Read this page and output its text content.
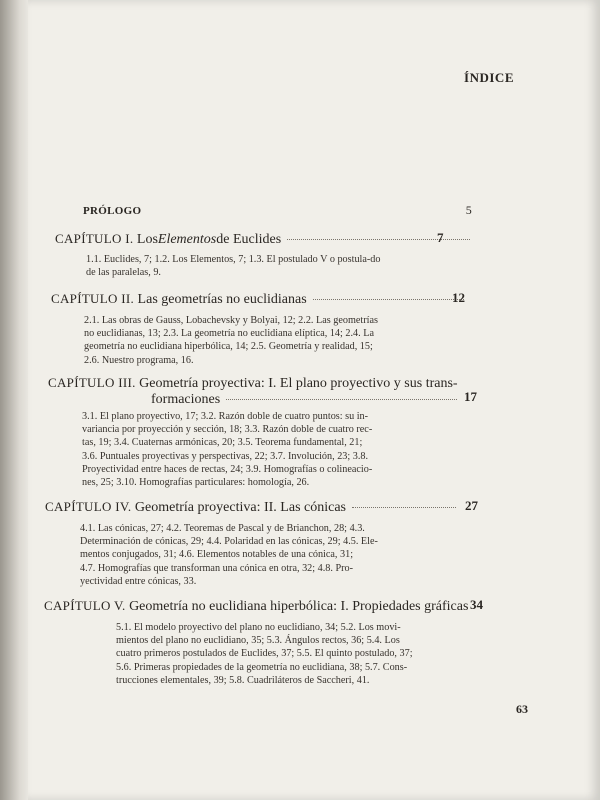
ÍNDICE
PRÓLOGO	5
CAPÍTULO I.
Los Elementos de Euclides	7
1.1. Euclides, 7; 1.2. Los Elementos, 7; 1.3. El postulado V o postula-do
de las paralelas, 9.
CAPÍTULO II.
Las geometrías no euclidianas	12
2.1. Las obras de Gauss, Lobachevsky y Bolyai, 12; 2.2. Las geometrías
no euclidianas, 13; 2.3. La geometría no euclidiana elíptica, 14; 2.4. La
geometría no euclidiana hiperbólica, 14; 2.5. Geometría y realidad, 15;
2.6. Nuestro programa, 16.
CAPÍTULO III.
Geometría proyectiva: I. El plano proyectivo y sus trans-
formaciones	17
3.1. El plano proyectivo, 17; 3.2. Razón doble de cuatro puntos: su in-
variancia por proyección y sección, 18; 3.3. Razón doble de cuatro rec-
tas, 19; 3.4. Cuaternas armónicas, 20; 3.5. Teorema fundamental, 21;
3.6. Puntuales proyectivas y perspectivas, 22; 3.7. Involución, 23; 3.8.
Proyectividad entre haces de rectas, 24; 3.9. Homografías o colineacio-
nes, 25; 3.10. Homografías particulares: homología, 26.
CAPÍTULO IV.
Geometría proyectiva: II. Las cónicas	27
4.1. Las cónicas, 27; 4.2. Teoremas de Pascal y de Brianchon, 28; 4.3.
Determinación de cónicas, 29; 4.4. Polaridad en las cónicas, 29; 4.5. Ele-
mentos conjugados, 31; 4.6. Elementos notables de una cónica, 31;
4.7. Homografías que transforman una cónica en otra, 32; 4.8. Pro-
yectividad entre cónicas, 33.
CAPÍTULO V.
Geometría no euclidiana hiperbólica: I. Propiedades gráficas 34
5.1. El modelo proyectivo del plano no euclidiano, 34; 5.2. Los movi-
mientos del plano no euclidiano, 35; 5.3. Ángulos rectos, 36; 5.4. Los
cuatro primeros postulados de Euclides, 37; 5.5. El quinto postulado, 37;
5.6. Primeras propiedades de la geometría no euclidiana, 38; 5.7. Cons-
trucciones elementales, 39; 5.8. Cuadriláteros de Saccheri, 41.
63
